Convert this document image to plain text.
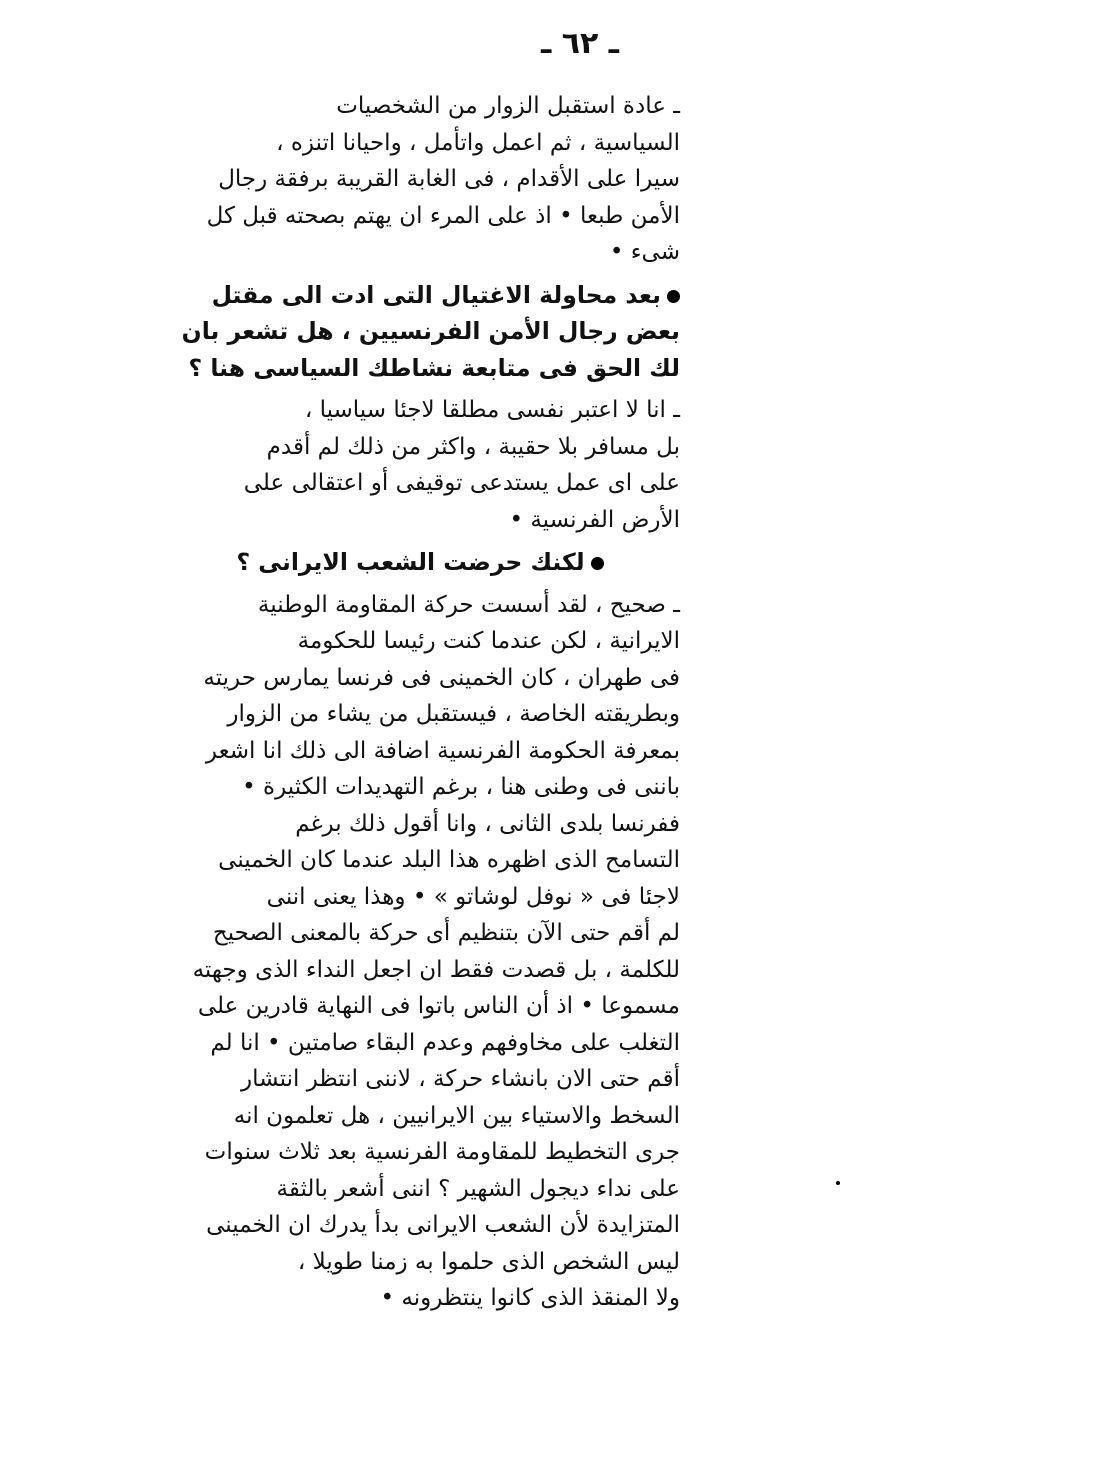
ـ ٦٢ ـ

ـ عادة استقبل الزوار من الشخصيات

السياسية ، ثم اعمل واتأمل ، واحيانا اتنزه ،

سيرا على الأقدام ، فى الغابة القريبة برفقة رجال

الأمن طبعا • اذ على المرء ان يهتم بصحته قبل كل

شىء •

بعد محاولة الاغتيال التى ادت الى مقتل

بعض رجال الأمن الفرنسيين ، هل تشعر بان

لك الحق فى متابعة نشاطك السياسى هنا ؟

ـ انا لا اعتبر نفسى مطلقا لاجئا سياسيا ،

بل مسافر بلا حقيبة ، واكثر من ذلك لم أقدم

على اى عمل يستدعى توقيفى أو اعتقالى على

الأرض الفرنسية •

لكنك حرضت الشعب الايرانى ؟

ـ صحيح ، لقد أسست حركة المقاومة الوطنية

الايرانية ، لكن عندما كنت رئيسا للحكومة

فى طهران ، كان الخمينى فى فرنسا يمارس حريته

وبطريقته الخاصة ، فيستقبل من يشاء من الزوار

بمعرفة الحكومة الفرنسية اضافة الى ذلك انا اشعر

باننى فى وطنى هنا ، برغم التهديدات الكثيرة •

ففرنسا بلدى الثانى ، وانا أقول ذلك برغم

التسامح الذى اظهره هذا البلد عندما كان الخمينى

لاجئا فى « نوفل لوشاتو » • وهذا يعنى اننى

لم أقم حتى الآن بتنظيم أى حركة بالمعنى الصحيح

للكلمة ، بل قصدت فقط ان اجعل النداء الذى وجهته

مسموعا • اذ أن الناس باتوا فى النهاية قادرين على

التغلب على مخاوفهم وعدم البقاء صامتين • انا لم

أقم حتى الان بانشاء حركة ، لاننى انتظر انتشار

السخط والاستياء بين الايرانيين ، هل تعلمون انه

جرى التخطيط للمقاومة الفرنسية بعد ثلاث سنوات

على نداء ديجول الشهير ؟ اننى أشعر بالثقة

المتزايدة لأن الشعب الايرانى بدأ يدرك ان الخمينى

ليس الشخص الذى حلموا به زمنا طويلا ،

ولا المنقذ الذى كانوا ينتظرونه •
